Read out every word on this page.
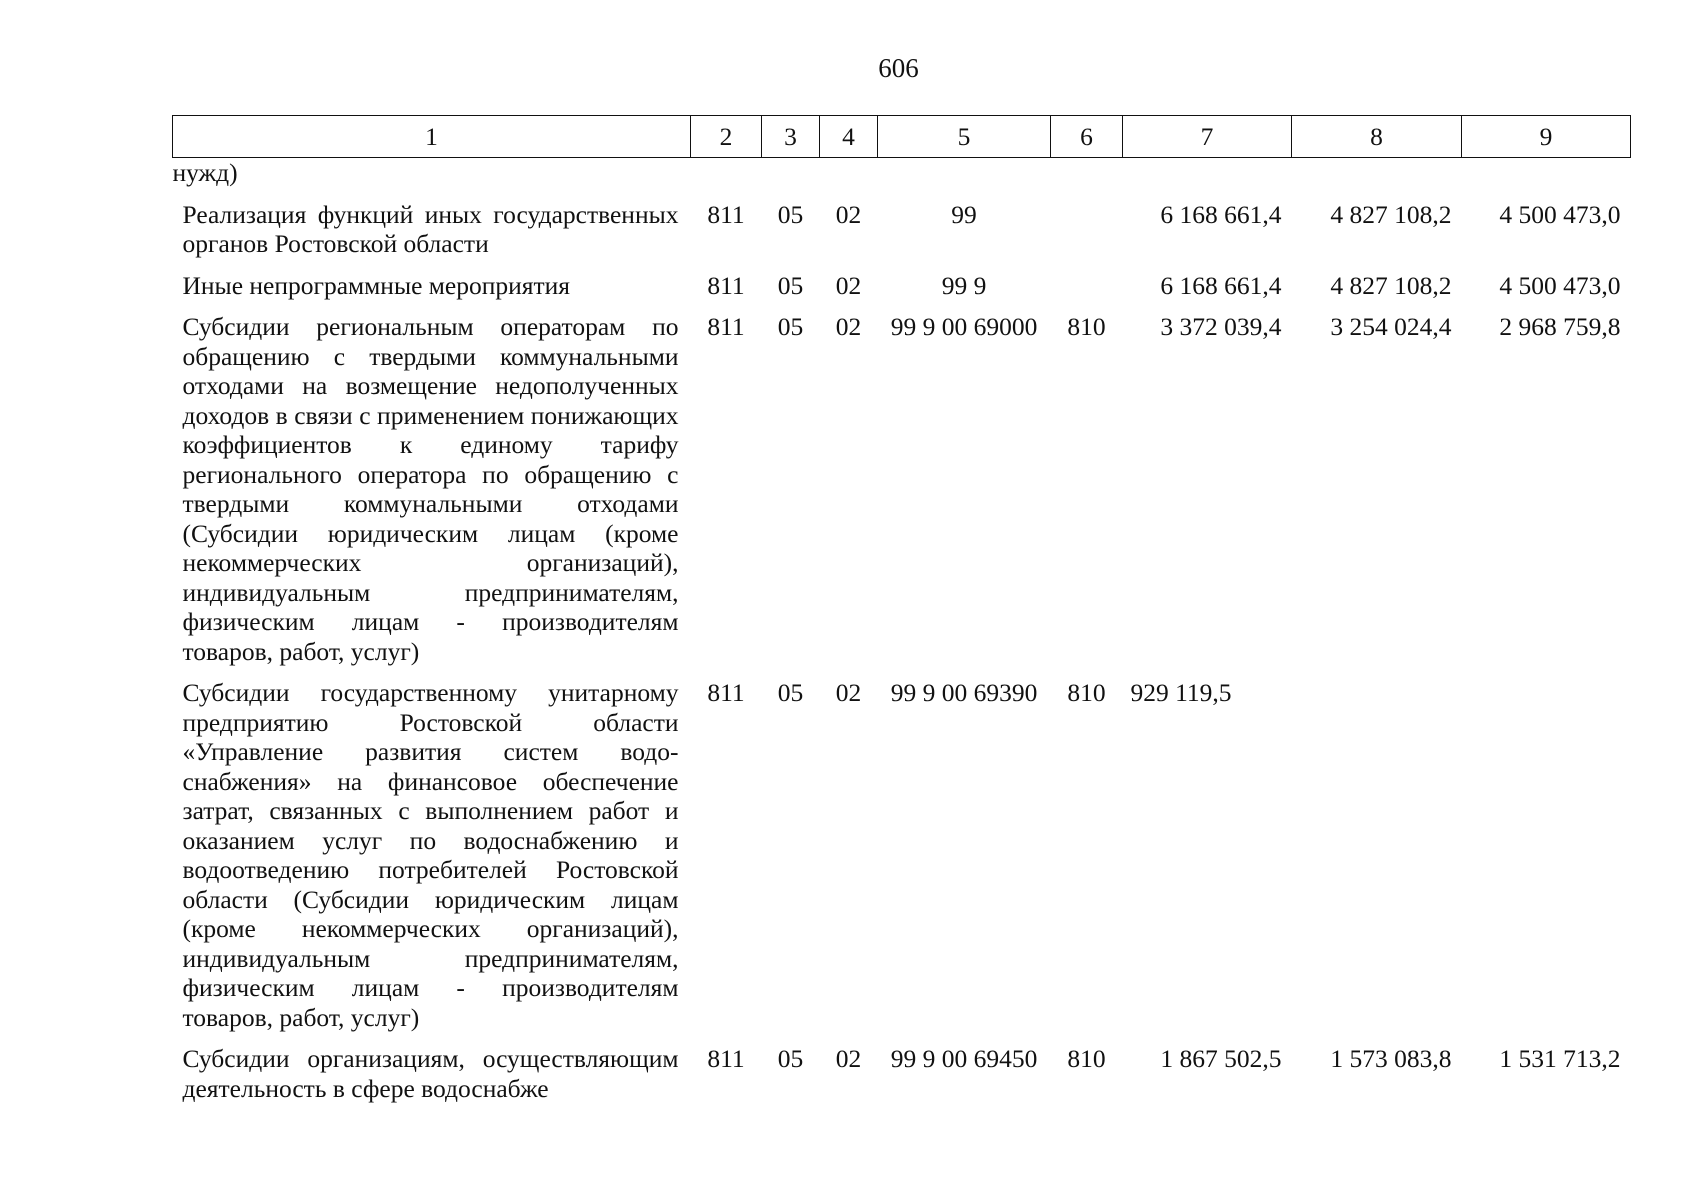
606
1	2	3	4	5	6	7	8	9
нужд)								

Реализация функций иных государственных органов Ростовской области	811	05	02	99		6 168 661,4	4 827 108,2	4 500 473,0

Иные непрограммные мероприятия	811	05	02	99 9		6 168 661,4	4 827 108,2	4 500 473,0

Субсидии региональным операторам по обращению с твердыми коммунальными отходами на возмещение недополученных доходов в связи с применением понижающих коэффициентов к единому тарифу регионального оператора по обращению с твердыми коммунальными отходами (Субсидии юридическим лицам (кроме некоммерческих организаций), индивидуальным предпринимателям, физическим лицам - производителям товаров, работ, услуг)	811	05	02	99 9 00 69000	810	3 372 039,4	3 254 024,4	2 968 759,8

Субсидии государственному унитарному предприятию Ростовской области «Управление развития систем водоснабжения» на финансовое обеспечение затрат, связанных с выполнением работ и оказанием услуг по водоснабжению и водоотведению потребителей Ростовской области (Субсидии юридическим лицам (кроме некоммерческих организаций), индивидуальным предпринимателям, физическим лицам - производителям товаров, работ, услуг)	811	05	02	99 9 00 69390	810	929 119,5		

Субсидии организациям, осуществляющим деятельность в сфере водоснабже	811	05	02	99 9 00 69450	810	1 867 502,5	1 573 083,8	1 531 713,2
